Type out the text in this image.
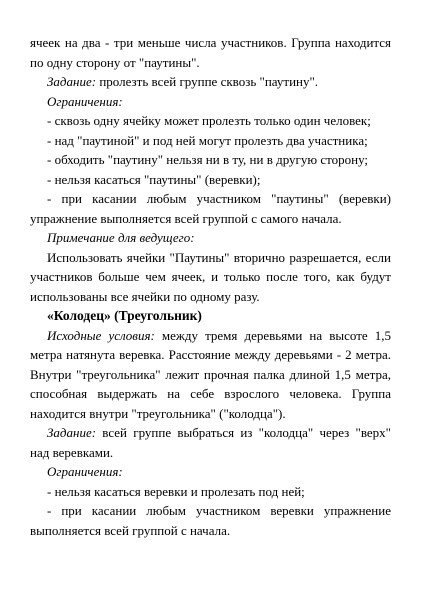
ячеек на два - три меньше числа участников. Группа находится по одну сторону от "паутины".

Задание: пролезть всей группе сквозь "паутину".

Ограничения:

- сквозь одну ячейку может пролезть только один человек;

- над "паутиной" и под ней могут пролезть два участника;

- обходить "паутину" нельзя ни в ту, ни в другую сторону;

- нельзя касаться "паутины" (веревки);

- при касании любым участником "паутины" (веревки) упражнение выполняется всей группой с самого начала.

Примечание для ведущего:

Использовать ячейки "Паутины" вторично разрешается, если участников больше чем ячеек, и только после того, как будут использованы все ячейки по одному разу.

«Колодец» (Треугольник)

Исходные условия: между тремя деревьями на высоте 1,5 метра натянута веревка. Расстояние между деревьями - 2 метра. Внутри "треугольника" лежит прочная палка длиной 1,5 метра, способная выдержать на себе взрослого человека. Группа находится внутри "треугольника" ("колодца").

Задание: всей группе выбраться из "колодца" через "верх" над веревками.

Ограничения:

- нельзя касаться веревки и пролезать под ней;

- при касании любым участником веревки упражнение выполняется всей группой с начала.
